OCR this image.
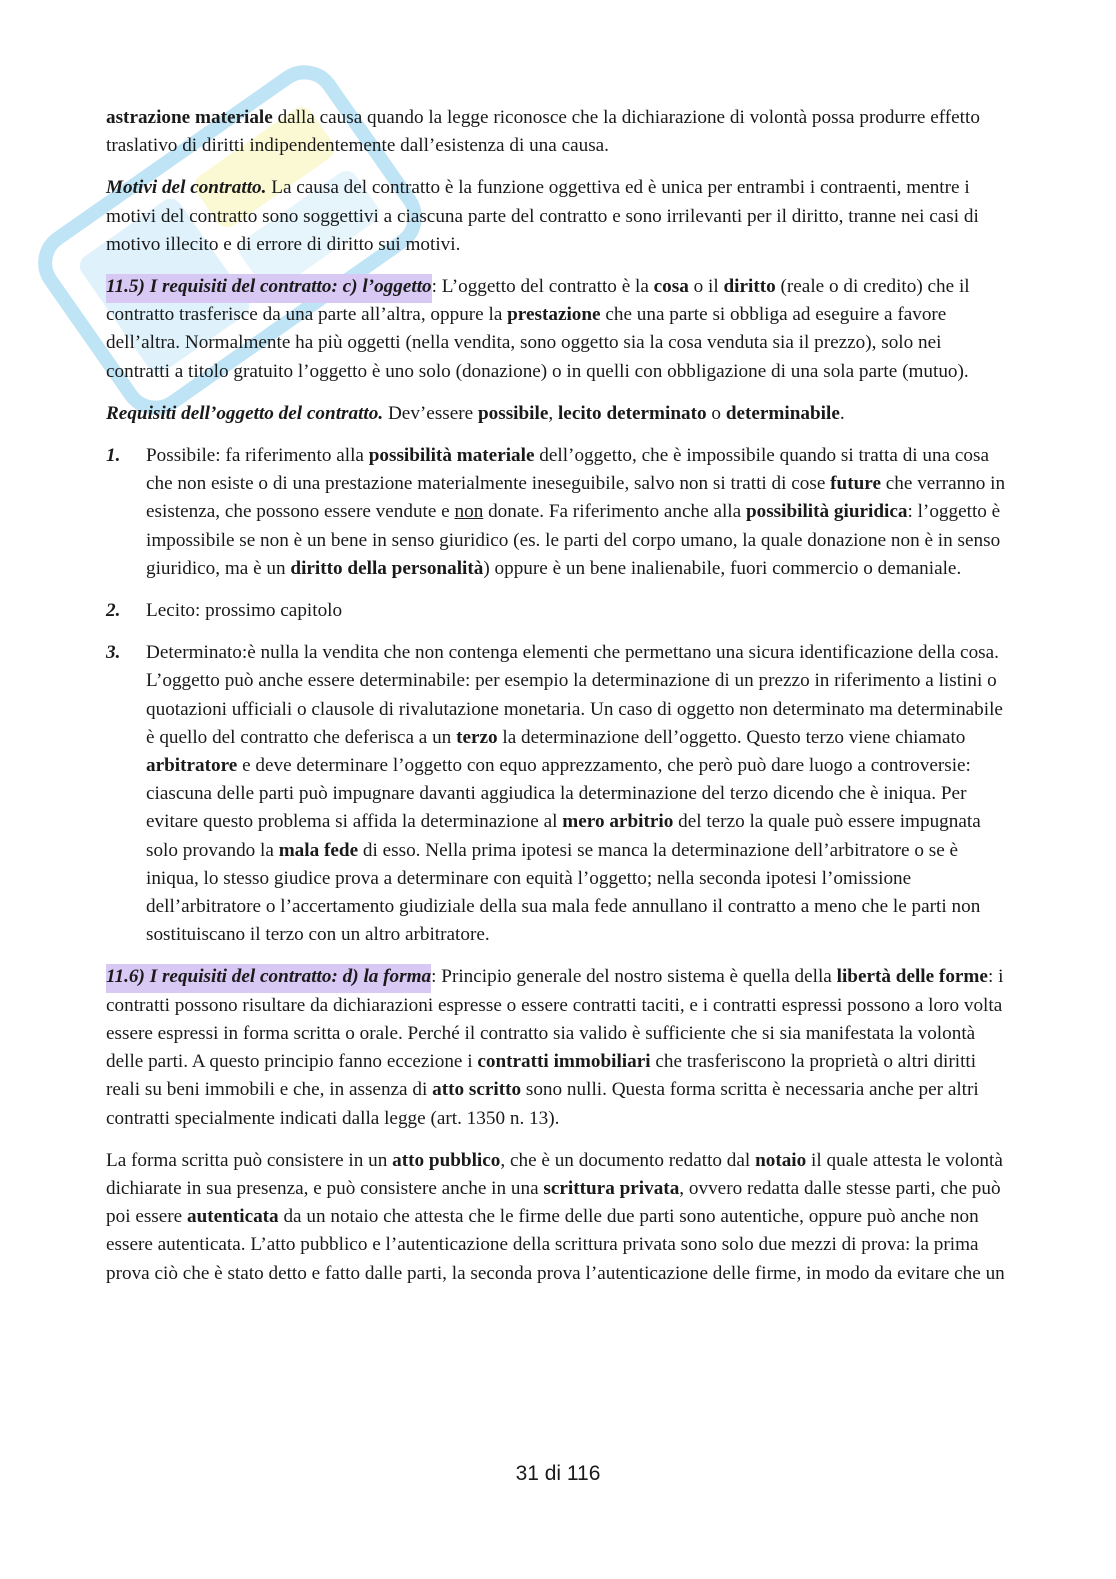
astrazione materiale dalla causa quando la legge riconosce che la dichiarazione di volontà possa produrre effetto traslativo di diritti indipendentemente dall’esistenza di una causa.

Motivi del contratto. La causa del contratto è la funzione oggettiva ed è unica per entrambi i contraenti, mentre i motivi del contratto sono soggettivi a ciascuna parte del contratto e sono irrilevanti per il diritto, tranne nei casi di motivo illecito e di errore di diritto sui motivi.

11.5) I requisiti del contratto: c) l’oggetto: L’oggetto del contratto è la cosa o il diritto (reale o di credito) che il contratto trasferisce da una parte all’altra, oppure la prestazione che una parte si obbliga ad eseguire a favore dell’altra. Normalmente ha più oggetti (nella vendita, sono oggetto sia la cosa venduta sia il prezzo), solo nei contratti a titolo gratuito l’oggetto è uno solo (donazione) o in quelli con obbligazione di una sola parte (mutuo).

Requisiti dell’oggetto del contratto. Dev’essere possibile, lecito determinato o determinabile.

1. Possibile: fa riferimento alla possibilità materiale dell’oggetto, che è impossibile quando si tratta di una cosa che non esiste o di una prestazione materialmente ineseguibile, salvo non si tratti di cose future che verranno in esistenza, che possono essere vendute e non donate. Fa riferimento anche alla possibilità giuridica: l’oggetto è impossibile se non è un bene in senso giuridico (es. le parti del corpo umano, la quale donazione non è in senso giuridico, ma è un diritto della personalità) oppure è un bene inalienabile, fuori commercio o demaniale.
2. Lecito: prossimo capitolo
3. Determinato:è nulla la vendita che non contenga elementi che permettano una sicura identificazione della cosa. L’oggetto può anche essere determinabile: per esempio la determinazione di un prezzo in riferimento a listini o quotazioni ufficiali o clausole di rivalutazione monetaria. Un caso di oggetto non determinato ma determinabile è quello del contratto che deferisca a un terzo la determinazione dell’oggetto. Questo terzo viene chiamato arbitratore e deve determinare l’oggetto con equo apprezzamento, che però può dare luogo a controversie: ciascuna delle parti può impugnare davanti aggiudica la determinazione del terzo dicendo che è iniqua. Per evitare questo problema si affida la determinazione al mero arbitrio del terzo la quale può essere impugnata solo provando la mala fede di esso. Nella prima ipotesi se manca la determinazione dell’arbitratore o se è iniqua, lo stesso giudice prova a determinare con equità l’oggetto; nella seconda ipotesi l’omissione dell’arbitratore o l’accertamento giudiziale della sua mala fede annullano il contratto a meno che le parti non sostituiscano il terzo con un altro arbitratore.

11.6) I requisiti del contratto: d) la forma: Principio generale del nostro sistema è quella della libertà delle forme: i contratti possono risultare da dichiarazioni espresse o essere contratti taciti, e i contratti espressi possono a loro volta essere espressi in forma scritta o orale. Perché il contratto sia valido è sufficiente che si sia manifestata la volontà delle parti. A questo principio fanno eccezione i contratti immobiliari che trasferiscono la proprietà o altri diritti reali su beni immobili e che, in assenza di atto scritto sono nulli. Questa forma scritta è necessaria anche per altri contratti specialmente indicati dalla legge (art. 1350 n. 13).

La forma scritta può consistere in un atto pubblico, che è un documento redatto dal notaio il quale attesta le volontà dichiarate in sua presenza, e può consistere anche in una scrittura privata, ovvero redatta dalle stesse parti, che può poi essere autenticata da un notaio che attesta che le firme delle due parti sono autentiche, oppure può anche non essere autenticata. L’atto pubblico e l’autenticazione della scrittura privata sono solo due mezzi di prova: la prima prova ciò che è stato detto e fatto dalle parti, la seconda prova l’autenticazione delle firme, in modo da evitare che un

31 di 116
